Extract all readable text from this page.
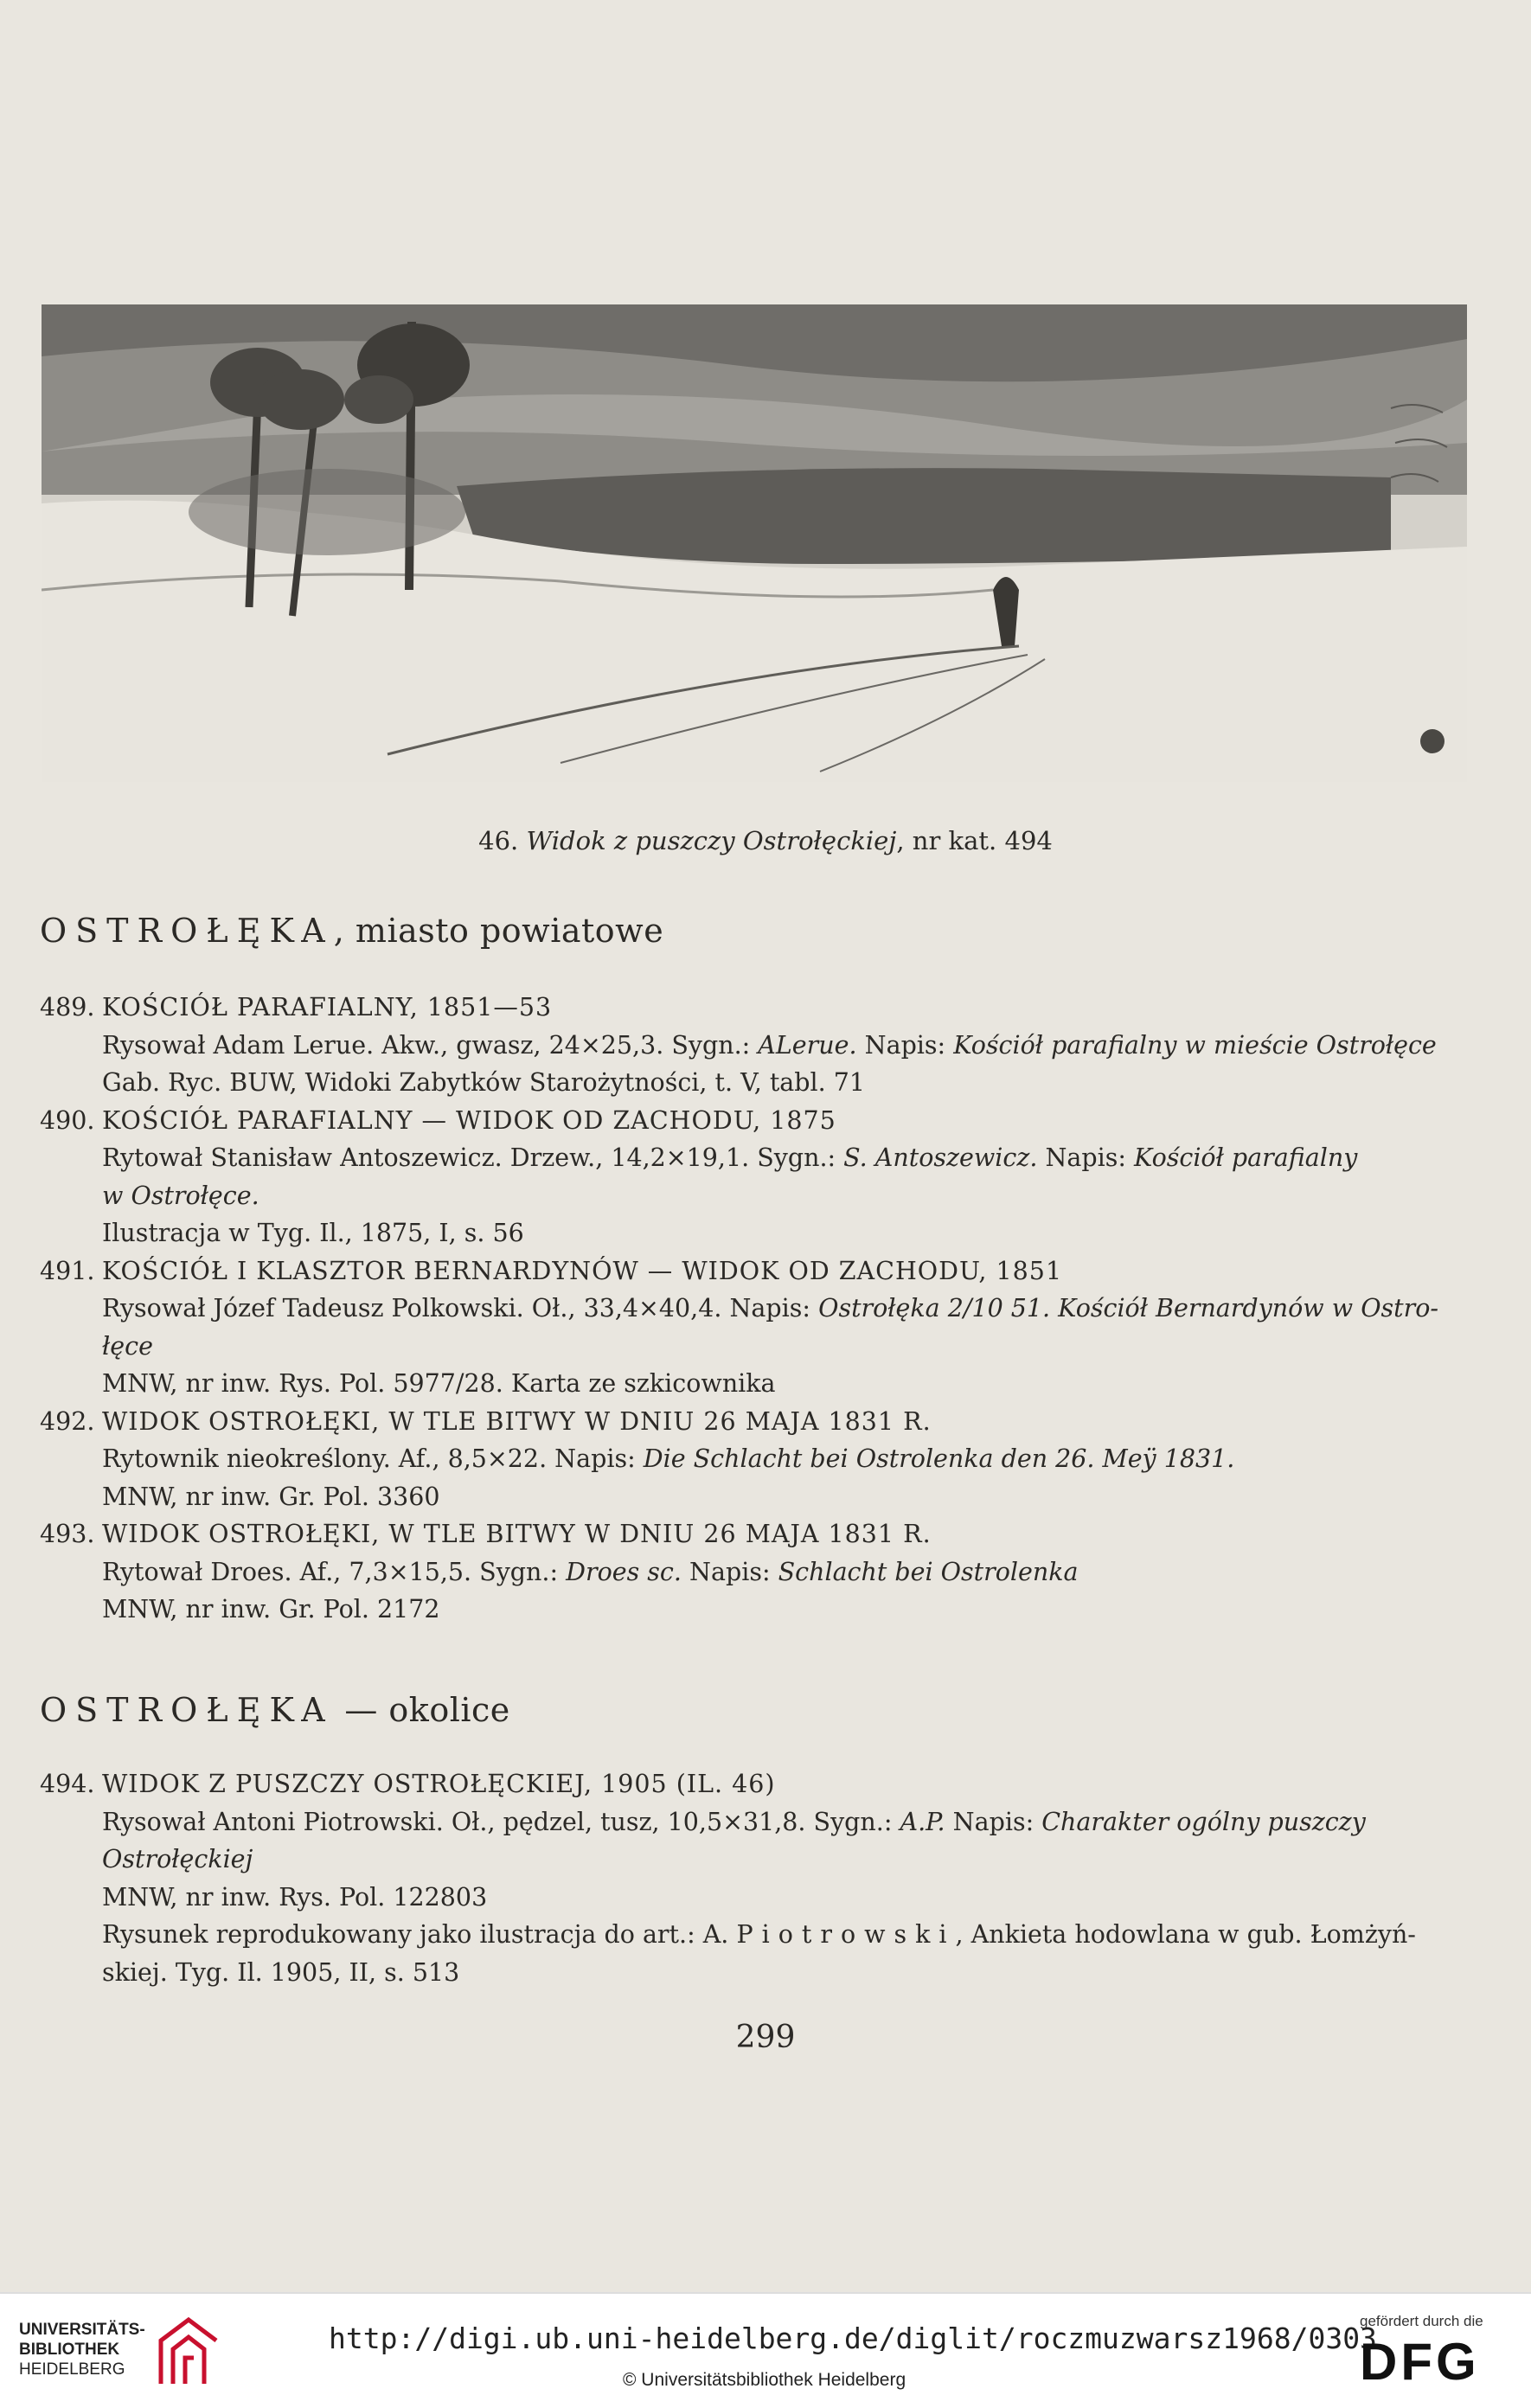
46. Widok z puszczy Ostrołęckiej, nr kat. 494
OSTROŁĘKA, miasto powiatowe
489. KOŚCIÓŁ PARAFIALNY, 1851—53
Rysował Adam Lerue. Akw., gwasz, 24×25,3. Sygn.: ALerue. Napis: Kościół parafialny w mieście Ostrołęce
Gab. Ryc. BUW, Widoki Zabytków Starożytności, t. V, tabl. 71
490. KOŚCIÓŁ PARAFIALNY — WIDOK OD ZACHODU, 1875
Rytował Stanisław Antoszewicz. Drzew., 14,2×19,1. Sygn.: S. Antoszewicz. Napis: Kościół parafialny
w Ostrołęce.
Ilustracja w Tyg. Il., 1875, I, s. 56
491. KOŚCIÓŁ I KLASZTOR BERNARDYNÓW — WIDOK OD ZACHODU, 1851
Rysował Józef Tadeusz Polkowski. Oł., 33,4×40,4. Napis: Ostrołęka 2/10 51. Kościół Bernardynów w Ostro-
łęce
MNW, nr inw. Rys. Pol. 5977/28. Karta ze szkicownika
492. WIDOK OSTROŁĘKI, W TLE BITWY W DNIU 26 MAJA 1831 R.
Rytownik nieokreślony. Af., 8,5×22. Napis: Die Schlacht bei Ostrolenka den 26. Meÿ 1831.
MNW, nr inw. Gr. Pol. 3360
493. WIDOK OSTROŁĘKI, W TLE BITWY W DNIU 26 MAJA 1831 R.
Rytował Droes. Af., 7,3×15,5. Sygn.: Droes sc. Napis: Schlacht bei Ostrolenka
MNW, nr inw. Gr. Pol. 2172
OSTROŁĘKA — okolice
494. WIDOK Z PUSZCZY OSTROŁĘCKIEJ, 1905 (IL. 46)
Rysował Antoni Piotrowski. Oł., pędzel, tusz, 10,5×31,8. Sygn.: A.P. Napis: Charakter ogólny puszczy
Ostrołęckiej
MNW, nr inw. Rys. Pol. 122803
Rysunek reprodukowany jako ilustracja do art.: A. Piotrowski, Ankieta hodowlana w gub. Łomżyń-
skiej. Tyg. Il. 1905, II, s. 513
299
UNIVERSITÄTS-
BIBLIOTHEK
HEIDELBERG
http://digi.ub.uni-heidelberg.de/diglit/roczmuzwarsz1968/0303
© Universitätsbibliothek Heidelberg
gefördert durch die
DFG
